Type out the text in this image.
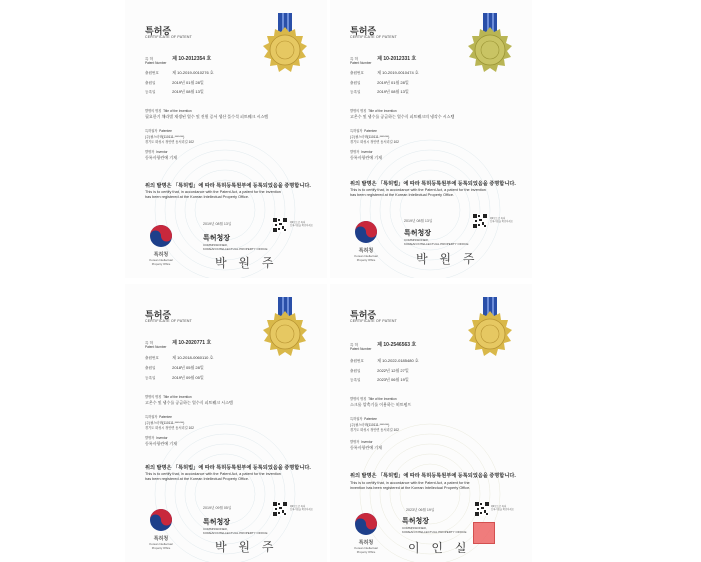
특허증
CERTIFICATE OF PATENT
특 허	제 10-2012354 호
Patent Number
출원번호	제 10-2019-0010276 호
출원일	2019년 01월 28일
등록일	2019년 08월 13일
발명의 명칭 Title of the Invention
필요한기 채라별 재생된 열수 및 진원 증서 생산 플수석 피트웨크 시스템
특허권자 Patentee
(주)필스마텍(110111-*******)
경기도 화성시 정안면 동서리길 102
발명자 Inventor
등록사항란에 기재
위의 발명은 「특허법」에 따라 특허등록원부에 등록되었음을 증명합니다.
This is to certify that, in accordance with the Patent Act, a patent for the invention
has been registered at the Korean Intellectual Property Office.
2019년 08월 13일	QR코드로 특허
등록사항을 확인하세요
특허청
Korean Intellectual
Property Office
특허청장
COMMISSIONER,
KOREAN INTELLECTUAL PROPERTY OFFICE
박 원 주
특허증
CERTIFICATE OF PATENT
특 허	제 10-2012331 호
Patent Number
출원번호	제 10-2019-0010474 호
출원일	2019년 01월 28일
등록일	2019년 08월 13일
발명의 명칭 Title of the Invention
고온수 및 냉수를 공급하는 열수식 피트웨크의 냉각수 시스템
특허권자 Patentee
(주)필스마텍(110111-*******)
경기도 화성시 정안면 동서리길 102
발명자 Inventor
등록사항란에 기재
위의 발명은 「특허법」에 따라 특허등록원부에 등록되었음을 증명합니다.
This is to certify that, in accordance with the Patent Act, a patent for the invention
has been registered at the Korean Intellectual Property Office.
2019년 08월 13일	QR코드로 특허
등록사항을 확인하세요
특허청
Korean Intellectual
Property Office
특허청장
COMMISSIONER,
KOREAN INTELLECTUAL PROPERTY OFFICE
박 원 주
특허증
CERTIFICATE OF PATENT
특 허	제 10-2020771 호
Patent Number
출원번호	제 10-2018-0060110 호
출원일	2018년 05월 28일
등록일	2019년 09월 05일
발명의 명칭 Title of the Invention
고온수 및 냉수를 공급하는 열수식 피트웨크 시스템
특허권자 Patentee
(주)필스마텍(110111-*******)
경기도 화성시 정안면 동서리길 102
발명자 Inventor
등록사항란에 기재
위의 발명은 「특허법」에 따라 특허등록원부에 등록되었음을 증명합니다.
This is to certify that, in accordance with the Patent Act, a patent for the invention
has been registered at the Korean Intellectual Property Office.
2019년 09월 05일	QR코드로 특허
등록사항을 확인하세요
특허청
Korean Intellectual
Property Office
특허청장
COMMISSIONER,
KOREAN INTELLECTUAL PROPERTY OFFICE
박 원 주
특허증
CERTIFICATE OF PATENT
특 허	제 10-2546563 호
Patent Number
출원번호	제 10-2022-0185480 호
출원일	2022년 12월 27일
등록일	2023년 06월 19일
발명의 명칭 Title of the Invention
스크롤 압축기를 이용하는 히트펌프
특허권자 Patentee
(주)필스마텍(110111-*******)
경기도 화성시 정안면 동서리길 102
발명자 Inventor
등록사항란에 기재
위의 발명은 「특허법」에 따라 특허등록원부에 등록되었음을 증명합니다.
This is to certify that, in accordance with the Patent Act, a patent for the
invention has been registered at the Korean Intellectual Property Office.
2023년 06월 19일
QR코드로 특허
등록사항을 확인하세요
특허청
Korean Intellectual
Property Office
특허청장
COMMISSIONER,
KOREAN INTELLECTUAL PROPERTY OFFICE
이 인 실
